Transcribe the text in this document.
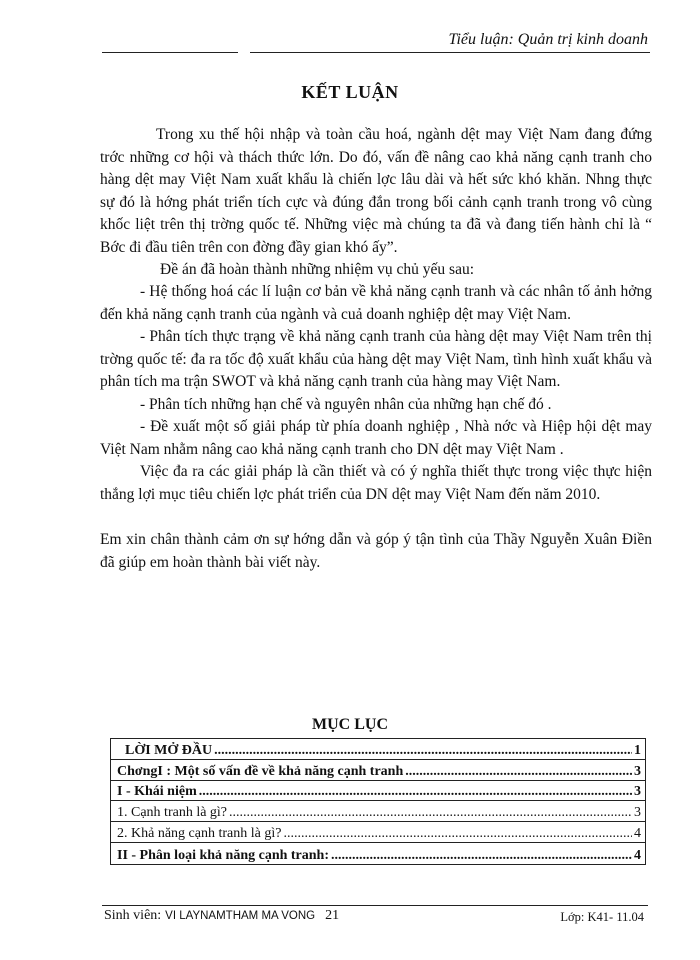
Tiểu luận: Quản trị kinh doanh
KẾT LUẬN

Trong xu thế hội nhập và toàn cầu hoá, ngành dệt may Việt Nam đang đứng trớc những cơ hội và thách thức lớn. Do đó, vấn đề nâng cao khả năng cạnh tranh cho hàng dệt may Việt Nam xuất khẩu là chiến lợc lâu dài và hết sức khó khăn. Nhng thực sự đó là hớng phát triển tích cực và đúng đắn trong bối cảnh cạnh tranh trong vô cùng khốc liệt trên thị trờng quốc tế. Những việc mà chúng ta đã và đang tiến hành chỉ là “ Bớc đi đầu tiên trên con đờng đầy gian khó ấy”.

Đề án đã hoàn thành những nhiệm vụ chủ yếu sau:

- Hệ thống hoá các lí luận cơ bản về khả năng cạnh tranh và các nhân tố ảnh hởng đến khả năng cạnh tranh của ngành và cuả doanh nghiệp dệt may Việt Nam.

- Phân tích thực trạng về khả năng cạnh tranh của hàng dệt may Việt Nam trên thị trờng quốc tế: đa ra tốc độ xuất khẩu của hàng dệt may Việt Nam, tình hình xuất khẩu và phân tích ma trận SWOT và khả năng cạnh tranh của hàng may Việt Nam.

- Phân tích những hạn chế và nguyên nhân của những hạn chế đó .

- Đề xuất một số giải pháp từ phía doanh nghiệp , Nhà nớc và Hiệp hội dệt may Việt Nam nhằm nâng cao khả năng cạnh tranh cho DN dệt may Việt Nam .

Việc đa ra các giải pháp là cần thiết và có ý nghĩa thiết thực trong việc thực hiện thắng lợi mục tiêu chiến lợc phát triển của DN dệt may Việt Nam đến năm 2010.

Em xin chân thành cảm ơn sự hớng dẫn và góp ý tận tình của Thầy Nguyễn Xuân Điền đã giúp em hoàn thành bài viết này.

MỤC LỤC
LỜI MỞ ĐẦU .....	1
ChơngI : Một số vấn đề về khả năng cạnh tranh .....	3
I - Khái niệm .....	3
1. Cạnh tranh là gì? .....	3
2. Khả năng cạnh tranh là gì? .....	4
II - Phân loại khả năng cạnh tranh: .....	4
Sinh viên: VI LAYNAMTHAM MA VONG 21	Lớp: K41- 11.04
